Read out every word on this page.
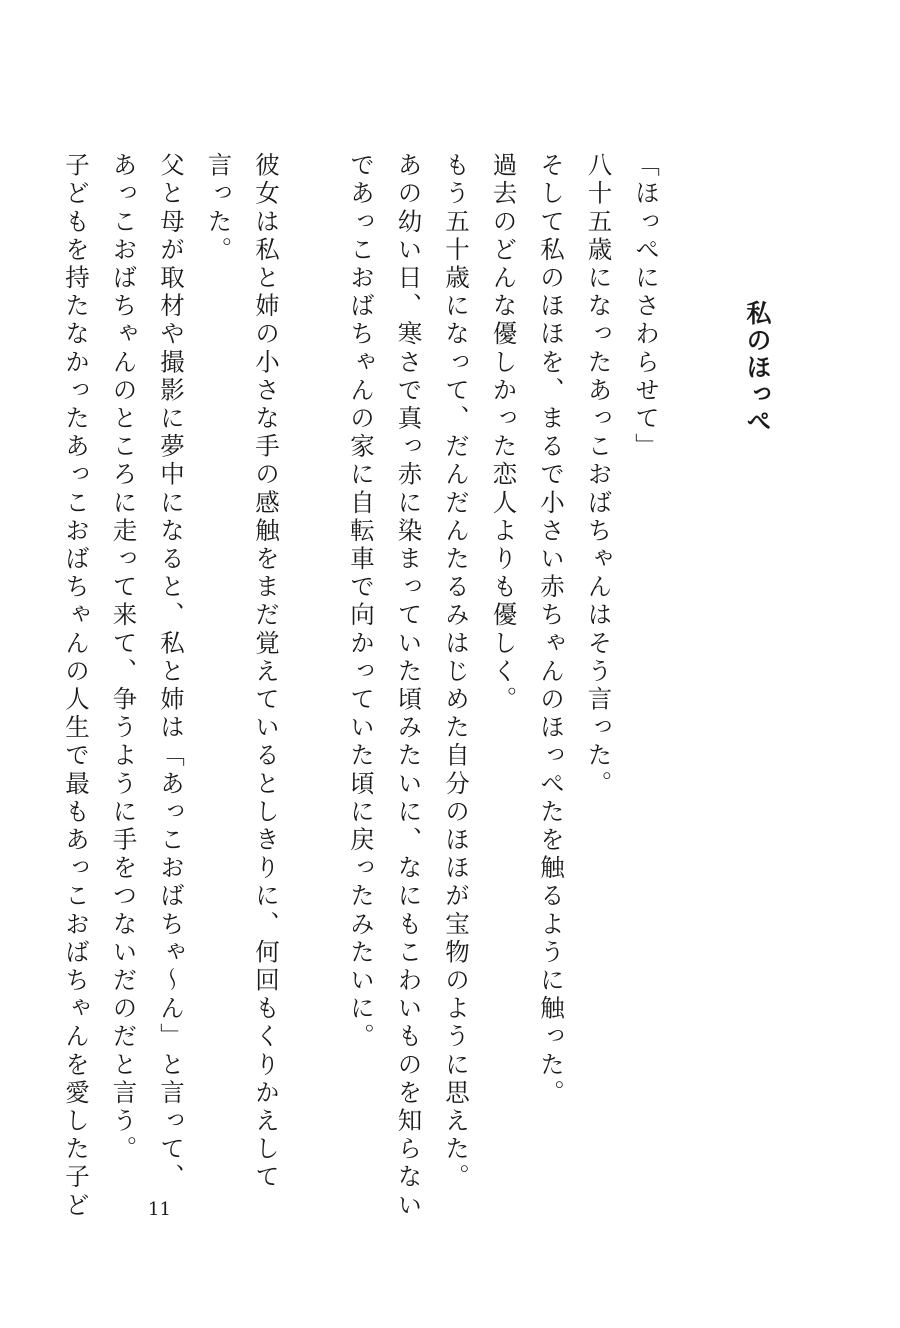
私のほっぺ
「ほっぺにさわらせて」
八十五歳になったあっこおばちゃんはそう言った。
そして私のほほを、まるで小さい赤ちゃんのほっぺたを触るように触った。
過去のどんな優しかった恋人よりも優しく。
もう五十歳になって、だんだんたるみはじめた自分のほほが宝物のように思えた。
あの幼い日、寒さで真っ赤に染まっていた頃みたいに、なにもこわいものを知らない
であっこおばちゃんの家に自転車で向かっていた頃に戻ったみたいに。
彼女は私と姉の小さな手の感触をまだ覚えているとしきりに、何回もくりかえして
言った。
父と母が取材や撮影に夢中になると、私と姉は「あっこおばちゃ〜ん」と言って、
あっこおばちゃんのところに走って来て、争うように手をつないだのだと言う。
子どもを持たなかったあっこおばちゃんの人生で最もあっこおばちゃんを愛した子ど	11
